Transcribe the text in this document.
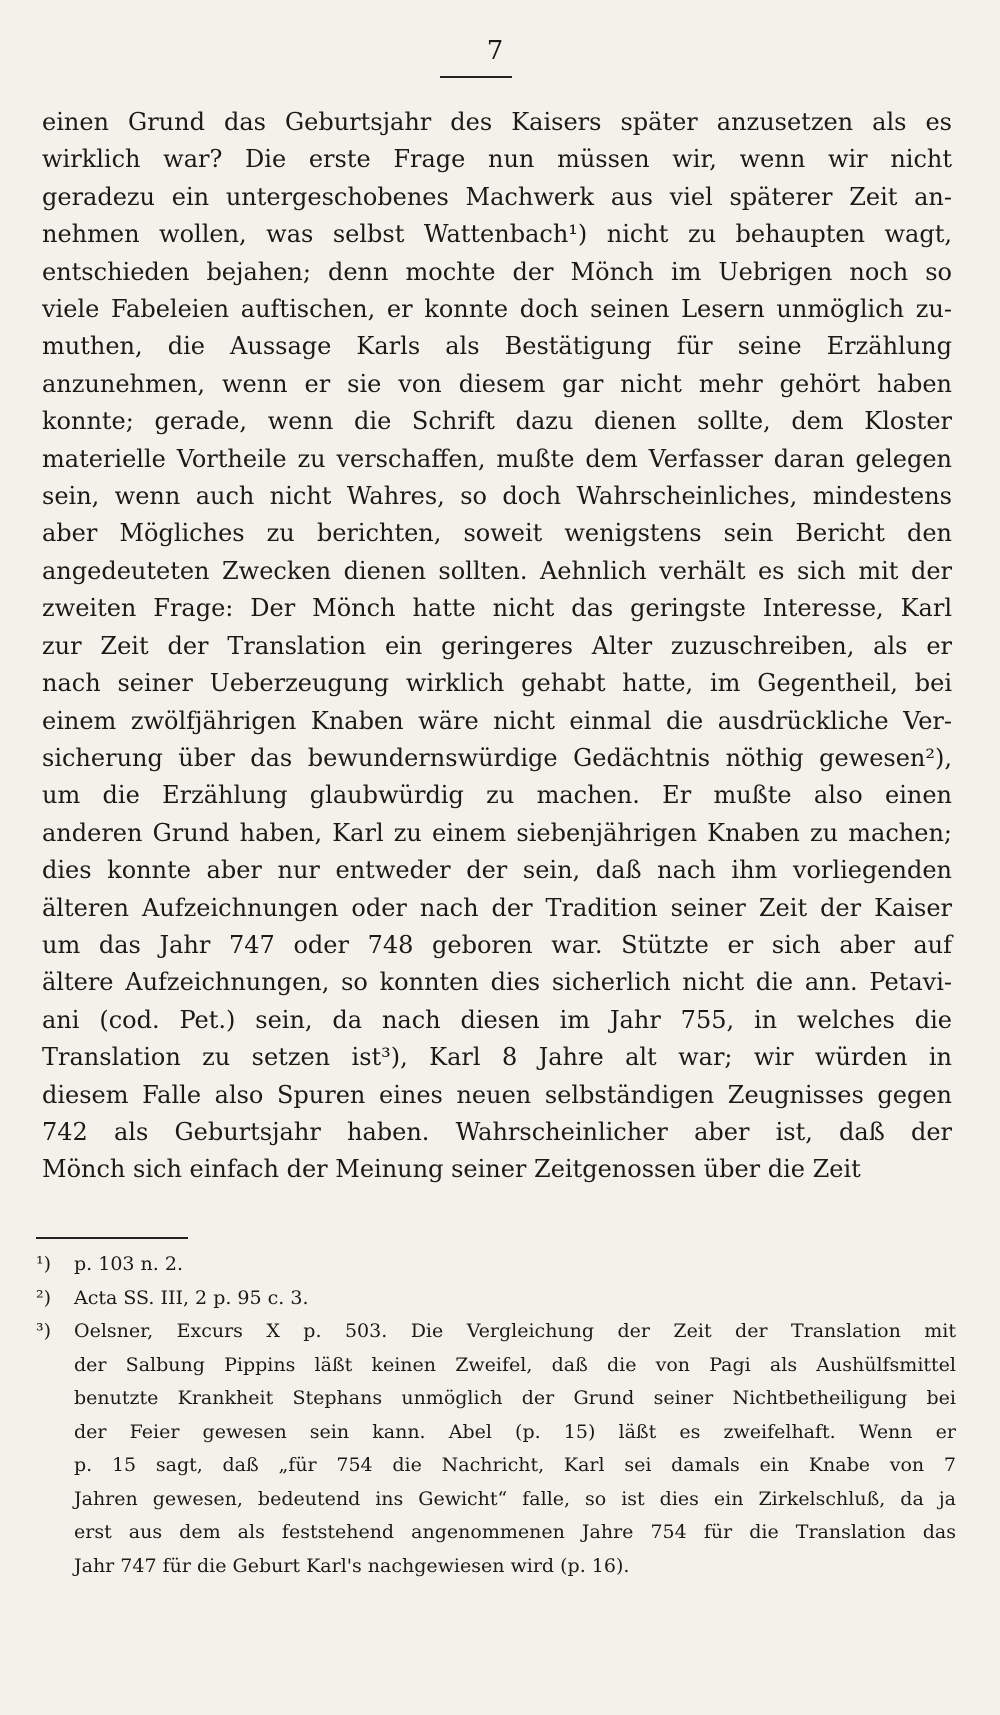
7
einen Grund das Geburtsjahr des Kaisers später anzusetzen als es
wirklich war? Die erste Frage nun müssen wir, wenn wir nicht
geradezu ein untergeschobenes Machwerk aus viel späterer Zeit an-
nehmen wollen, was selbst Wattenbach¹) nicht zu behaupten wagt,
entschieden bejahen; denn mochte der Mönch im Uebrigen noch so
viele Fabeleien auftischen, er konnte doch seinen Lesern unmöglich zu-
muthen, die Aussage Karls als Bestätigung für seine Erzählung
anzunehmen, wenn er sie von diesem gar nicht mehr gehört haben
konnte; gerade, wenn die Schrift dazu dienen sollte, dem Kloster
materielle Vortheile zu verschaffen, mußte dem Verfasser daran gelegen
sein, wenn auch nicht Wahres, so doch Wahrscheinliches, mindestens
aber Mögliches zu berichten, soweit wenigstens sein Bericht den
angedeuteten Zwecken dienen sollten. Aehnlich verhält es sich mit der
zweiten Frage: Der Mönch hatte nicht das geringste Interesse, Karl
zur Zeit der Translation ein geringeres Alter zuzuschreiben, als er
nach seiner Ueberzeugung wirklich gehabt hatte, im Gegentheil, bei
einem zwölfjährigen Knaben wäre nicht einmal die ausdrückliche Ver-
sicherung über das bewundernswürdige Gedächtnis nöthig gewesen²),
um die Erzählung glaubwürdig zu machen. Er mußte also einen
anderen Grund haben, Karl zu einem siebenjährigen Knaben zu machen;
dies konnte aber nur entweder der sein, daß nach ihm vorliegenden
älteren Aufzeichnungen oder nach der Tradition seiner Zeit der Kaiser
um das Jahr 747 oder 748 geboren war. Stützte er sich aber auf
ältere Aufzeichnungen, so konnten dies sicherlich nicht die ann. Petavi-
ani (cod. Pet.) sein, da nach diesen im Jahr 755, in welches die
Translation zu setzen ist³), Karl 8 Jahre alt war; wir würden in
diesem Falle also Spuren eines neuen selbständigen Zeugnisses gegen
742 als Geburtsjahr haben. Wahrscheinlicher aber ist, daß der
Mönch sich einfach der Meinung seiner Zeitgenossen über die Zeit
¹)	p. 103 n. 2.
²)	Acta SS. III, 2 p. 95 c. 3.
³)	Oelsner, Excurs X p. 503. Die Vergleichung der Zeit der Translation mit
der Salbung Pippins läßt keinen Zweifel, daß die von Pagi als Aushülfsmittel
benutzte Krankheit Stephans unmöglich der Grund seiner Nichtbetheiligung bei
der Feier gewesen sein kann. Abel (p. 15) läßt es zweifelhaft. Wenn er
p. 15 sagt, daß „für 754 die Nachricht, Karl sei damals ein Knabe von 7
Jahren gewesen, bedeutend ins Gewicht“ falle, so ist dies ein Zirkelschluß, da ja
erst aus dem als feststehend angenommenen Jahre 754 für die Translation das
Jahr 747 für die Geburt Karl's nachgewiesen wird (p. 16).
